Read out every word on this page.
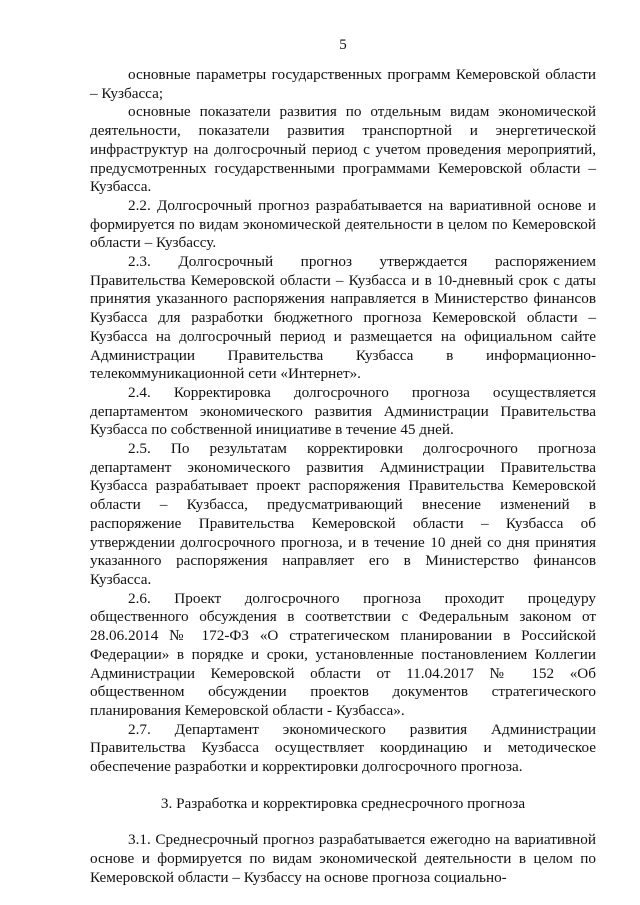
5

основные параметры государственных программ Кемеровской области – Кузбасса;

основные показатели развития по отдельным видам экономической деятельности, показатели развития транспортной и энергетической инфраструктур на долгосрочный период с учетом проведения мероприятий, предусмотренных государственными программами Кемеровской области – Кузбасса.

2.2. Долгосрочный прогноз разрабатывается на вариативной основе и формируется по видам экономической деятельности в целом по Кемеровской области – Кузбассу.

2.3. Долгосрочный прогноз утверждается распоряжением Правительства Кемеровской области – Кузбасса и в 10-дневный срок с даты принятия указанного распоряжения направляется в Министерство финансов Кузбасса для разработки бюджетного прогноза Кемеровской области – Кузбасса на долгосрочный период и размещается на официальном сайте Администрации Правительства Кузбасса в информационно-телекоммуникационной сети «Интернет».

2.4. Корректировка долгосрочного прогноза осуществляется департаментом экономического развития Администрации Правительства Кузбасса по собственной инициативе в течение 45 дней.

2.5. По результатам корректировки долгосрочного прогноза департамент экономического развития Администрации Правительства Кузбасса разрабатывает проект распоряжения Правительства Кемеровской области – Кузбасса, предусматривающий внесение изменений в распоряжение Правительства Кемеровской области – Кузбасса об утверждении долгосрочного прогноза, и в течение 10 дней со дня принятия указанного распоряжения направляет его в Министерство финансов Кузбасса.

2.6. Проект долгосрочного прогноза проходит процедуру общественного обсуждения в соответствии с Федеральным законом от 28.06.2014 № 172-ФЗ «О стратегическом планировании в Российской Федерации» в порядке и сроки, установленные постановлением Коллегии Администрации Кемеровской области от 11.04.2017 № 152 «Об общественном обсуждении проектов документов стратегического планирования Кемеровской области - Кузбасса».

2.7. Департамент экономического развития Администрации Правительства Кузбасса осуществляет координацию и методическое обеспечение разработки и корректировки долгосрочного прогноза.

3. Разработка и корректировка среднесрочного прогноза

3.1. Среднесрочный прогноз разрабатывается ежегодно на вариативной основе и формируется по видам экономической деятельности в целом по Кемеровской области – Кузбассу на основе прогноза социально-
